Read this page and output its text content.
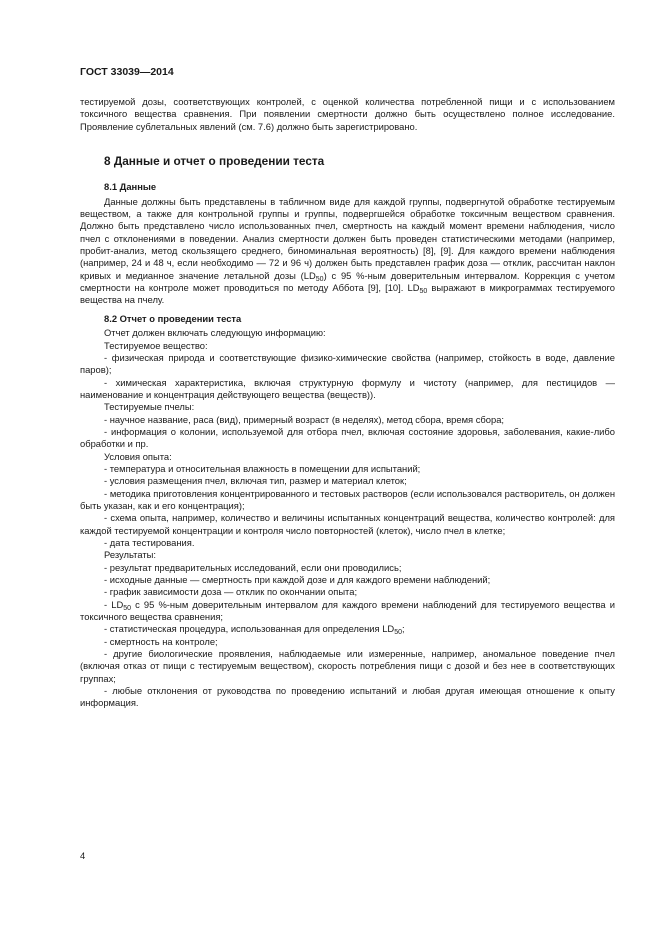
ГОСТ 33039—2014

тестируемой дозы, соответствующих контролей, с оценкой количества потребленной пищи и с использованием токсичного вещества сравнения. При появлении смертности должно быть осуществлено полное исследование. Проявление сублетальных явлений (см. 7.6) должно быть зарегистрировано.

8 Данные и отчет о проведении теста
8.1 Данные

Данные должны быть представлены в табличном виде для каждой группы, подвергнутой обработке тестируемым веществом, а также для контрольной группы и группы, подвергшейся обработке токсичным веществом сравнения. Должно быть представлено число использованных пчел, смертность на каждый момент времени наблюдения, число пчел с отклонениями в поведении. Анализ смертности должен быть проведен статистическими методами (например, пробит-анализ, метод скользящего среднего, биноминальная вероятность) [8], [9]. Для каждого времени наблюдения (например, 24 и 48 ч, если необходимо — 72 и 96 ч) должен быть представлен график доза — отклик, рассчитан наклон кривых и медианное значение летальной дозы $(LD_{50})$ с 95 %-ным доверительным интервалом. Коррекция с учетом смертности на контроле может проводиться по методу Аббота [9], [10]. $LD_{50}$ выражают в микрограммах тестируемого вещества на пчелу.

8.2 Отчет о проведении теста

Отчет должен включать следующую информацию:

Тестируемое вещество:

- физическая природа и соответствующие физико-химические свойства (например, стойкость в воде, давление паров);

- химическая характеристика, включая структурную формулу и чистоту (например, для пестицидов — наименование и концентрация действующего вещества (веществ)).

Тестируемые пчелы:

- научное название, раса (вид), примерный возраст (в неделях), метод сбора, время сбора;

- информация о колонии, используемой для отбора пчел, включая состояние здоровья, заболевания, какие-либо обработки и пр.

Условия опыта:

- температура и относительная влажность в помещении для испытаний;

- условия размещения пчел, включая тип, размер и материал клеток;

- методика приготовления концентрированного и тестовых растворов (если использовался растворитель, он должен быть указан, как и его концентрация);

- схема опыта, например, количество и величины испытанных концентраций вещества, количество контролей: для каждой тестируемой концентрации и контроля число повторностей (клеток), число пчел в клетке;

- дата тестирования.

Результаты:

- результат предварительных исследований, если они проводились;

- исходные данные — смертность при каждой дозе и для каждого времени наблюдений;

- график зависимости доза — отклик по окончании опыта;

- $LD_{50}$ с 95 %-ным доверительным интервалом для каждого времени наблюдений для тестируемого вещества и токсичного вещества сравнения;

- статистическая процедура, использованная для определения $LD_{50}$;

- смертность на контроле;

- другие биологические проявления, наблюдаемые или измеренные, например, аномальное поведение пчел (включая отказ от пищи с тестируемым веществом), скорость потребления пищи с дозой и без нее в соответствующих группах;

- любые отклонения от руководства по проведению испытаний и любая другая имеющая отношение к опыту информация.

4
